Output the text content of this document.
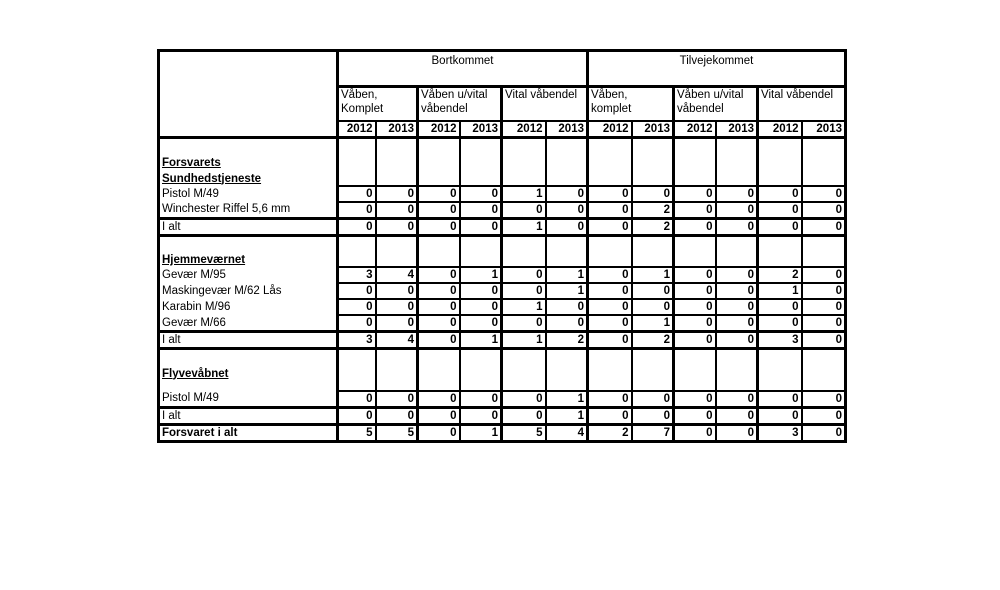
	Bortkommet						Tilvejekommet					
	Våben, Komplet		Våben u/vital våbendel		Vital våbendel		Våben, komplet		Våben u/vital våbendel		Vital våbendel	
	2012	2013	2012	2013	2012	2013	2012	2013	2012	2013	2012	2013

Forsvarets												
Sundhedstjeneste												
Pistol M/49	0	0	0	0	1	0	0	0	0	0	0	0
Winchester Riffel 5,6 mm	0	0	0	0	0	0	0	2	0	0	0	0
I alt	0	0	0	0	1	0	0	2	0	0	0	0

Hjemmeværnet												
Gevær M/95	3	4	0	1	0	1	0	1	0	0	2	0
Maskingevær M/62 Lås	0	0	0	0	0	1	0	0	0	0	1	0
Karabin M/96	0	0	0	0	1	0	0	0	0	0	0	0
Gevær M/66	0	0	0	0	0	0	0	1	0	0	0	0
I alt	3	4	0	1	1	2	0	2	0	0	3	0

Flyvevåbnet												

Pistol M/49	0	0	0	0	0	1	0	0	0	0	0	0
I alt	0	0	0	0	0	1	0	0	0	0	0	0
Forsvaret i alt	5	5	0	1	5	4	2	7	0	0	3	0
